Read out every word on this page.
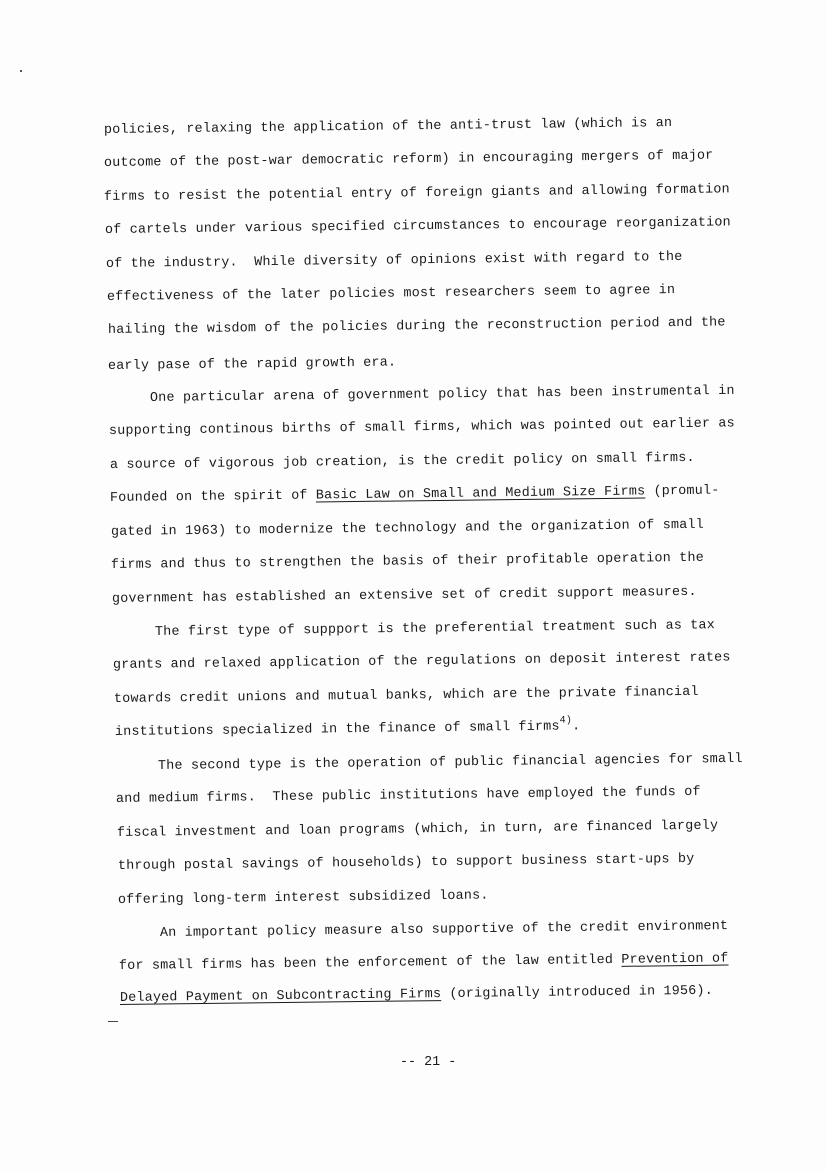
policies, relaxing the application of the anti-trust law (which is an
outcome of the post-war democratic reform) in encouraging mergers of major
firms to resist the potential entry of foreign giants and allowing formation
of cartels under various specified circumstances to encourage reorganization
of the industry.  While diversity of opinions exist with regard to the
effectiveness of the later policies most researchers seem to agree in
hailing the wisdom of the policies during the reconstruction period and the
early pase of the rapid growth era.
One particular arena of government policy that has been instrumental in
supporting continous births of small firms, which was pointed out earlier as
a source of vigorous job creation, is the credit policy on small firms.
Founded on the spirit of Basic Law on Small and Medium Size Firms (promul-
gated in 1963) to modernize the technology and the organization of small
firms and thus to strengthen the basis of their profitable operation the
government has established an extensive set of credit support measures.
The first type of suppport is the preferential treatment such as tax
grants and relaxed application of the regulations on deposit interest rates
towards credit unions and mutual banks, which are the private financial
institutions specialized in the finance of small firms$^{4)}$.
The second type is the operation of public financial agencies for small
and medium firms.  These public institutions have employed the funds of
fiscal investment and loan programs (which, in turn, are financed largely
through postal savings of households) to support business start-ups by
offering long-term interest subsidized loans.
An important policy measure also supportive of the credit environment
for small firms has been the enforcement of the law entitled Prevention of
Delayed Payment on Subcontracting Firms (originally introduced in 1956).
-- 21 -
